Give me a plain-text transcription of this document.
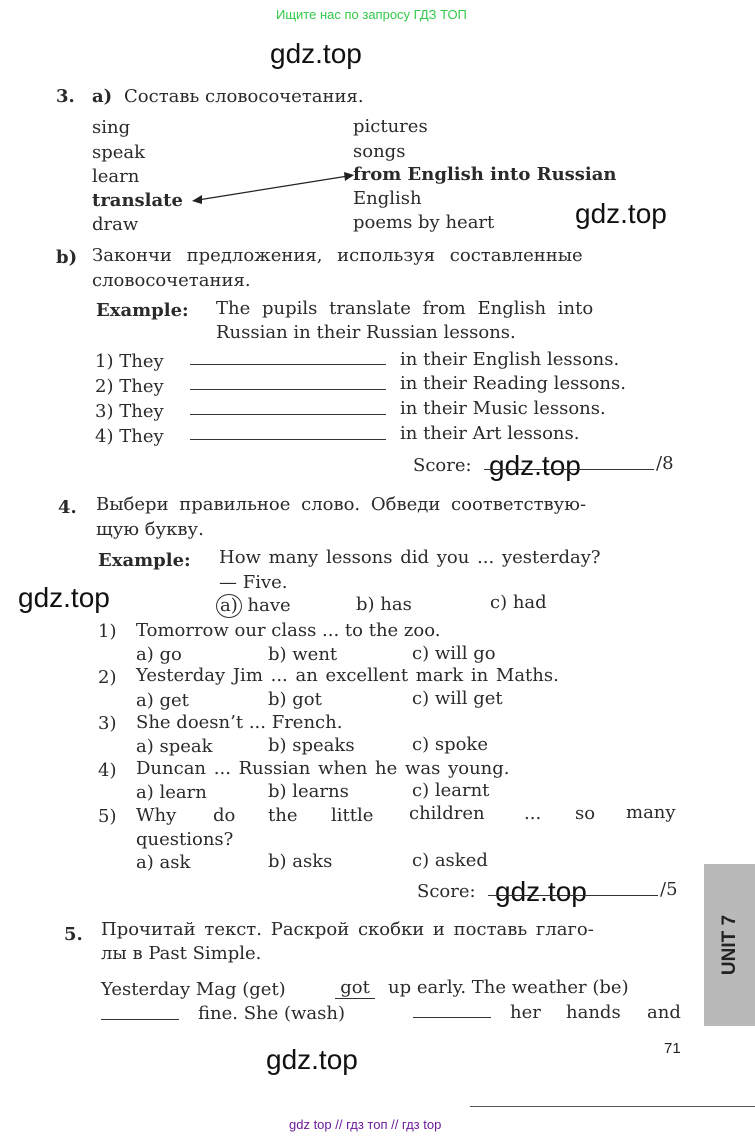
Ищите нас по запросу ГДЗ ТОП
gdz.top
gdz.top
gdz.top
gdz.top
gdz.top
gdz.top
3. a) Составь словосочетания.
sing
speak
learn
translate
draw
pictures
songs
from English into Russian
English
poems by heart
b) Закончи предложения, используя составленные
словосочетания.
Example: The pupils translate from English into
Russian in their Russian lessons.
1) They	in their English lessons.
2) They	in their Reading lessons.
3) They	in their Music lessons.
4) They	in their Art lessons.
Score:	/8
4. Выбери правильное слово. Обведи соответствую-
щую букву.
Example: How many lessons did you ... yesterday?
— Five.
a) have	b) has	c) had
1) Tomorrow our class ... to the zoo.
a) go	b) went	c) will go
2) Yesterday Jim ... an excellent mark in Maths.
a) get	b) got	c) will get
3) She doesn’t ... French.
a) speak	b) speaks	c) spoke
4) Duncan ... Russian when he was young.
a) learn	b) learns	c) learnt
5) Why do the little children ... so many
questions?
a) ask	b) asks	c) asked
Score:	/5
5. Прочитай текст. Раскрой скобки и поставь глаго-
лы в Past Simple.
Yesterday Mag (get)	got up early. The weather (be)
fine. She (wash)	her hands and
UNIT 7
71
gdz top // гдз топ // гдз top
